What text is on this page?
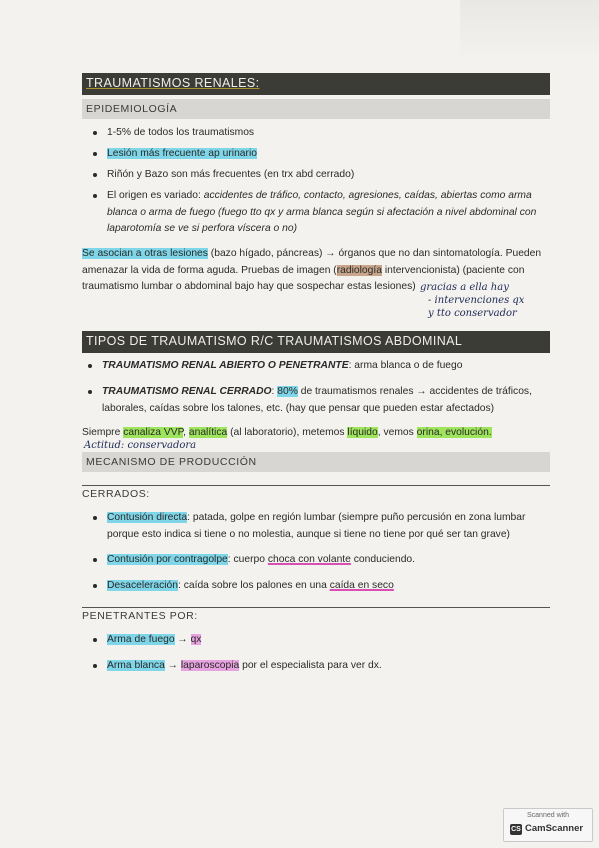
TRAUMATISMOS RENALES:
EPIDEMIOLOGÍA
1-5% de todos los traumatismos
Lesión más frecuente ap urinario
Riñón y Bazo son más frecuentes (en trx abd cerrado)
El origen es variado: accidentes de tráfico, contacto, agresiones, caídas, abiertas como arma
blanca o arma de fuego (fuego tto qx y arma blanca según si afectación a nivel abdominal con
laparotomía se ve si perfora víscera o no)
Se asocian a otras lesiones (bazo hígado, páncreas) → órganos que no dan sintomatología. Pueden
amenazar la vida de forma aguda. Pruebas de imagen (radiología intervencionista) (paciente con
traumatismo lumbar o abdominal bajo hay que sospechar estas lesiones) gracias a ella hay
- intervenciones qx
y tto conservador
TIPOS DE TRAUMATISMO R/C TRAUMATISMOS ABDOMINAL
TRAUMATISMO RENAL ABIERTO O PENETRANTE: arma blanca o de fuego
TRAUMATISMO RENAL CERRADO: 80% de traumatismos renales → accidentes de tráficos,
laborales, caídas sobre los talones, etc. (hay que pensar que pueden estar afectados)
Siempre canaliza VVP, analítica (al laboratorio), metemos líquido, vemos orina, evolución.
Actitud: conservadora
MECANISMO DE PRODUCCIÓN
CERRADOS:
Contusión directa: patada, golpe en región lumbar (siempre puño percusión en zona lumbar
porque esto indica si tiene o no molestia, aunque si tiene no tiene por qué ser tan grave)
Contusión por contragolpe: cuerpo choca con volante conduciendo.
Desaceleración: caída sobre los palones en una caída en seco
PENETRANTES POR:
Arma de fuego → qx
Arma blanca → laparoscopia por el especialista para ver dx.
Scanned with
CS CamScanner
